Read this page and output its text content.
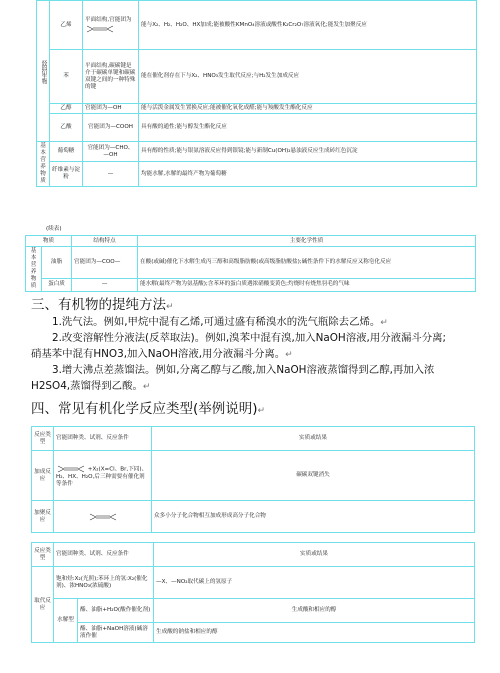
烃的衍生物	乙烯	平面结构,官能团为	能与X₂、H₂、H₂O、HX加成;能被酸性KMnO₄溶液或酸性K₂Cr₂O₇溶液氧化;能发生加聚反应
	苯	平面结构,碳碳键是介于碳碳单键和碳碳双键之间的一种特殊的键	能在催化剂存在下与X₂、HNO₃发生取代反应;与H₂发生加成反应
	乙醇	官能团为—OH	能与活泼金属发生置换反应;能被催化氧化成醛;能与羧酸发生酯化反应
	乙酸	官能团为—COOH	具有酸的通性;能与醇发生酯化反应
基本营养物质	葡萄糖	官能团为—CHO、—OH	具有醇的性质;能与银氨溶液反应得到银镜;能与新制Cu(OH)₂悬浊液反应生成砖红色沉淀
	纤维素与淀粉	—	均能水解,水解的最终产物为葡萄糖
(续表)
物质		结构特点	主要化学性质
基本营养物质	油脂	官能团为—COO—	在酸(或碱)催化下水解生成丙三醇和高级脂肪酸(或高级脂肪酸盐);碱性条件下的水解反应又称皂化反应
	蛋白质	—	能水解(最终产物为氨基酸);含苯环的蛋白质遇浓硝酸变黄色;灼烧时有烧焦羽毛的气味
三、有机物的提纯方法↵
1.洗气法。例如,甲烷中混有乙烯,可通过盛有稀溴水的洗气瓶除去乙烯。↵
2.改变溶解性分液法(反萃取法)。例如,溴苯中混有溴,加入NaOH溶液,用分液漏斗分离;
硝基苯中混有HNO3,加入NaOH溶液,用分液漏斗分离。↵
3.增大沸点差蒸馏法。例如,分离乙醇与乙酸,加入NaOH溶液蒸馏得到乙醇,再加入浓
H2SO4,蒸馏得到乙酸。↵
四、常见有机化学反应类型(举例说明)↵
反应类型	官能团种类、试剂、反应条件	实质或结果
加成反应	+X₂(X=Cl、Br,下同)、H₂、HX、H₂O,后三种需要有催化剂等条件	碳碳双键消失
加聚反应		众多小分子化合物相互加成形成高分子化合物
反应类型	官能团种类、试剂、反应条件		实质或结果
取代反应	饱和烃:X₂(光照);苯环上的氢:X₂(催化剂)、浓HNO₃(浓硫酸)		—X、—NO₂取代碳上的氢原子
	水解型	酯、油脂+H₂O(酸作催化剂)	生成酸和相应的醇
		酯、油脂+NaOH溶液(碱溶液作催	生成酸的钠盐和相应的醇
